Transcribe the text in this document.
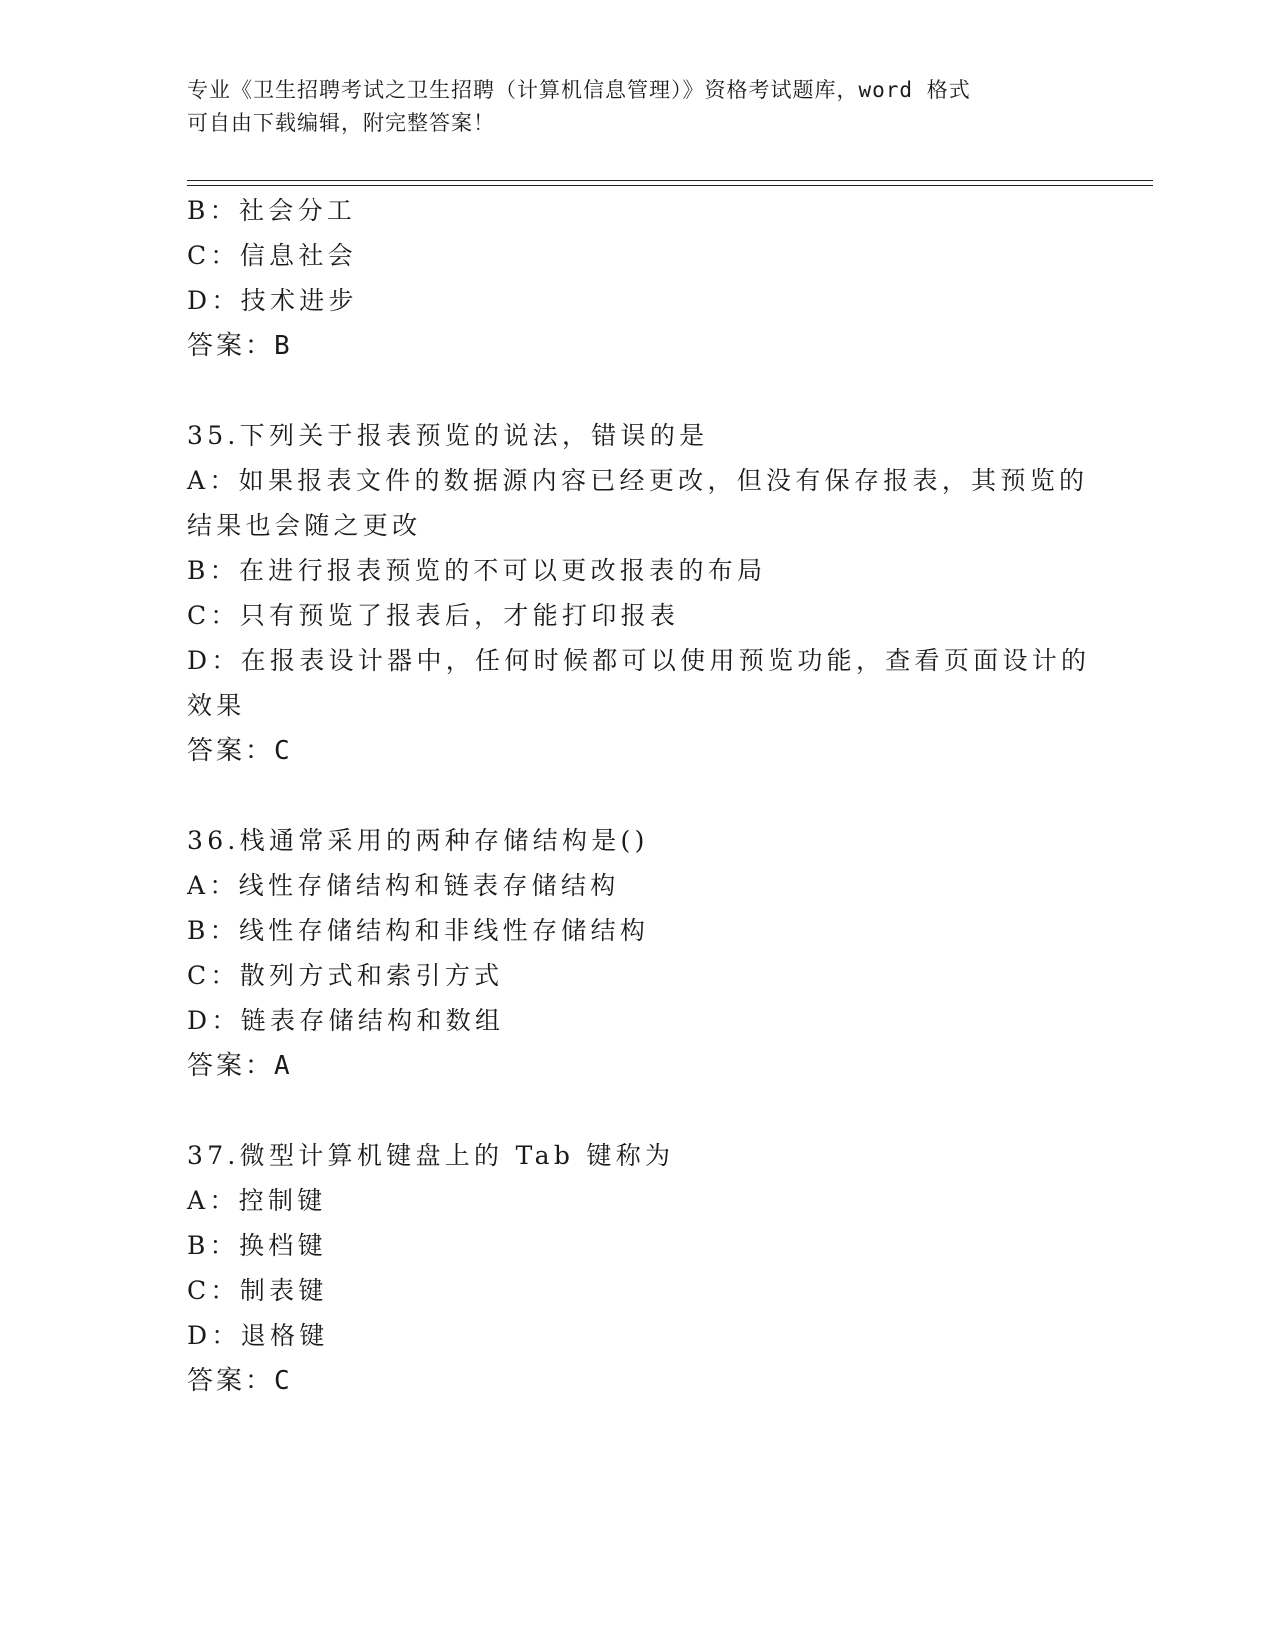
专业《卫生招聘考试之卫生招聘（计算机信息管理）》资格考试题库，word 格式
可自由下载编辑，附完整答案！
B：社会分工
C：信息社会
D：技术进步
答案：B
35.下列关于报表预览的说法，错误的是
A：如果报表文件的数据源内容已经更改，但没有保存报表，其预览的
结果也会随之更改
B：在进行报表预览的不可以更改报表的布局
C：只有预览了报表后，才能打印报表
D：在报表设计器中，任何时候都可以使用预览功能，查看页面设计的
效果
答案：C
36.栈通常采用的两种存储结构是()
A：线性存储结构和链表存储结构
B：线性存储结构和非线性存储结构
C：散列方式和索引方式
D：链表存储结构和数组
答案：A
37.微型计算机键盘上的 Tab 键称为
A：控制键
B：换档键
C：制表键
D：退格键
答案：C
